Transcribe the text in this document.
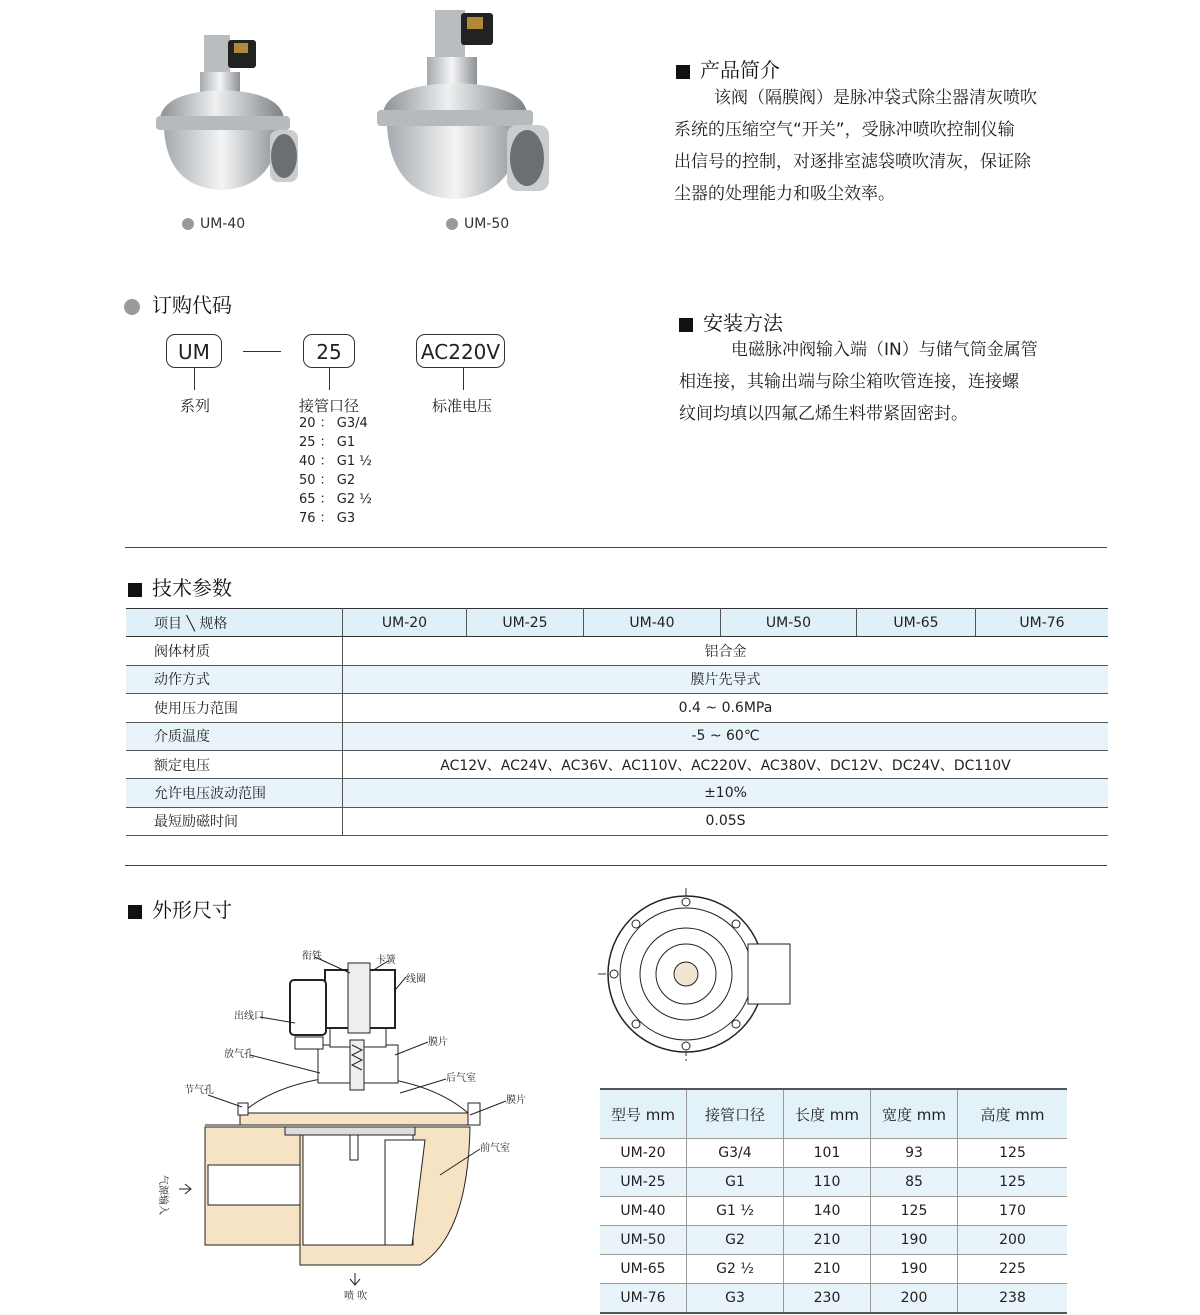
UM-40	UM-50
产品简介
该阀（隔膜阀）是脉冲袋式除尘器清灰喷吹
系统的压缩空气“开关”，受脉冲喷吹控制仪输
出信号的控制，对逐排室滤袋喷吹清灰，保证除
尘器的处理能力和吸尘效率。
订购代码
UM	25	AC220V
系列	接管口径	标准电压
20 ： G3/4
25 ： G1
40 ： G1 ½
50 ： G2
65 ： G2 ½
76 ： G3
安装方法
电磁脉冲阀输入端（IN）与储气筒金属管
相连接，其输出端与除尘箱吹管连接，连接螺
纹间均填以四氟乙烯生料带紧固密封。
技术参数
项目 ╲ 规格	UM-20	UM-25	UM-40	UM-50	UM-65	UM-76
阀体材质	铝合金					
动作方式	膜片先导式					
使用压力范围	0.4 ~ 0.6MPa					
介质温度	-5 ~ 60℃					
额定电压	AC12V、AC24V、AC36V、AC110V、AC220V、AC380V、DC12V、DC24V、DC110V					
允许电压波动范围	±10%					
最短励磁时间	0.05S					
外形尺寸
衔铁	卡簧
线圈
出线口
膜片
放气孔
后气室
节气孔
膜片
前气室
气源输入
喷 吹
型号 mm	接管口径	长度 mm	宽度 mm	高度 mm
UM-20	G3/4	101	93	125
UM-25	G1	110	85	125
UM-40	G1 ½	140	125	170
UM-50	G2	210	190	200
UM-65	G2 ½	210	190	225
UM-76	G3	230	200	238
